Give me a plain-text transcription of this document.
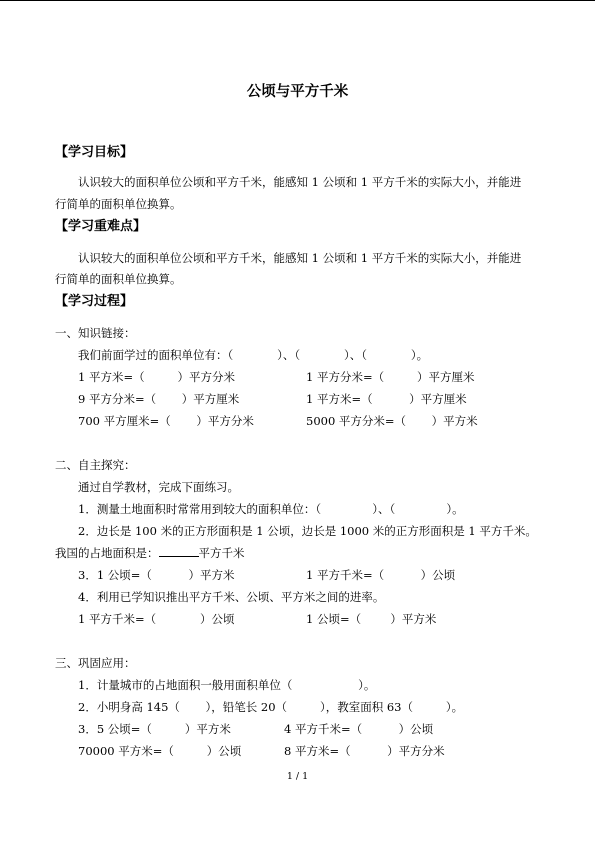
公顷与平方千米
【学习目标】
认识较大的面积单位公顷和平方千米，能感知 1 公顷和 1 平方千米的实际大小，并能进
行简单的面积单位换算。
【学习重难点】
认识较大的面积单位公顷和平方千米，能感知 1 公顷和 1 平方千米的实际大小，并能进
行简单的面积单位换算。
【学习过程】
一、知识链接：
我们前面学过的面积单位有：（            ）、（            ）、（            ）。
1 平方米=（         ）平方分米	1 平方分米=（         ）平方厘米
9 平方分米=（       ）平方厘米	1 平方米=（          ）平方厘米
700 平方厘米=（       ）平方分米	5000 平方分米=（       ）平方米
二、自主探究：
通过自学教材，完成下面练习。
1．测量土地面积时常常用到较大的面积单位：（              ）、（              ）。
2．边长是 100 米的正方形面积是 1 公顷，边长是 1000 米的正方形面积是 1 平方千米。
我国的占地面积是：	平方千米
3．1 公顷=（          ）平方米	1 平方千米=（          ）公顷
4．利用已学知识推出平方千米、公顷、平方米之间的进率。
1 平方千米=（            ）公顷	1 公顷=（        ）平方米
三、巩固应用：
1．计量城市的占地面积一般用面积单位（                  ）。
2．小明身高 145（       ），铅笔长 20（         ），教室面积 63（         ）。
3．5 公顷=（         ）平方米	4 平方千米=（          ）公顷
70000 平方米=（         ）公顷	8 平方米=（          ）平方分米
1 / 1
